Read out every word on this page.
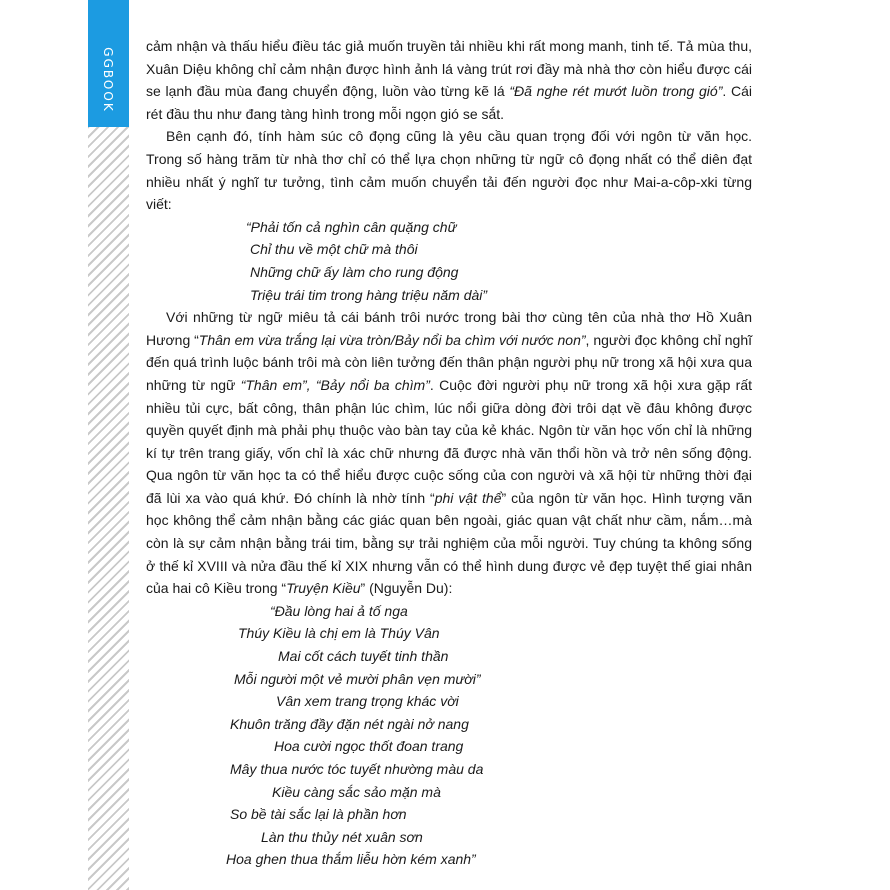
GGBOOK

cảm nhận và thấu hiểu điều tác giả muốn truyền tải nhiều khi rất mong manh, tinh tế. Tả mùa thu, Xuân Diệu không chỉ cảm nhận được hình ảnh lá vàng trút rơi đầy mà nhà thơ còn hiểu được cái se lạnh đầu mùa đang chuyển động, luồn vào từng kẽ lá “Đã nghe rét mướt luồn trong gió”. Cái rét đầu thu như đang tàng hình trong mỗi ngọn gió se sắt.

Bên cạnh đó, tính hàm súc cô đọng cũng là yêu cầu quan trọng đối với ngôn từ văn học. Trong số hàng trăm từ nhà thơ chỉ có thể lựa chọn những từ ngữ cô đọng nhất có thể diên đạt nhiều nhất ý nghĩ tư tưởng, tình cảm muốn chuyển tải đến người đọc như Mai-a-côp-xki từng viết:

“Phải tốn cả nghìn cân quặng chữ
Chỉ thu về một chữ mà thôi
Những chữ ấy làm cho rung động
Triệu trái tim trong hàng triệu năm dài”

Với những từ ngữ miêu tả cái bánh trôi nước trong bài thơ cùng tên của nhà thơ Hồ Xuân Hương “Thân em vừa trắng lại vừa tròn/Bảy nổi ba chìm với nước non”, người đọc không chỉ nghĩ đến quá trình luộc bánh trôi mà còn liên tưởng đến thân phận người phụ nữ trong xã hội xưa qua những từ ngữ “Thân em”, “Bảy nổi ba chìm”. Cuộc đời người phụ nữ trong xã hội xưa gặp rất nhiều tủi cực, bất công, thân phận lúc chìm, lúc nổi giữa dòng đời trôi dạt về đâu không được quyền quyết định mà phải phụ thuộc vào bàn tay của kẻ khác. Ngôn từ văn học vốn chỉ là những kí tự trên trang giấy, vốn chỉ là xác chữ nhưng đã được nhà văn thổi hồn và trở nên sống động. Qua ngôn từ văn học ta có thể hiểu được cuộc sống của con người và xã hội từ những thời đại đã lùi xa vào quá khứ. Đó chính là nhờ tính “phi vật thể” của ngôn từ văn học. Hình tượng văn học không thể cảm nhận bằng các giác quan bên ngoài, giác quan vật chất như cầm, nắm…mà còn là sự cảm nhận bằng trái tim, bằng sự trải nghiệm của mỗi người. Tuy chúng ta không sống ở thế kỉ XVIII và nửa đầu thế kỉ XIX nhưng vẫn có thể hình dung được vẻ đẹp tuyệt thế giai nhân của hai cô Kiều trong “Truyện Kiều” (Nguyễn Du):

“Đầu lòng hai ả tố nga
Thúy Kiều là chị em là Thúy Vân
Mai cốt cách tuyết tinh thần
Mỗi người một vẻ mười phân vẹn mười”
Vân xem trang trọng khác vời
Khuôn trăng đầy đặn nét ngài nở nang
Hoa cười ngọc thốt đoan trang
Mây thua nước tóc tuyết nhường màu da
Kiều càng sắc sảo mặn mà
So bề tài sắc lại là phần hơn
Làn thu thủy nét xuân sơn
Hoa ghen thua thắm liễu hờn kém xanh”
